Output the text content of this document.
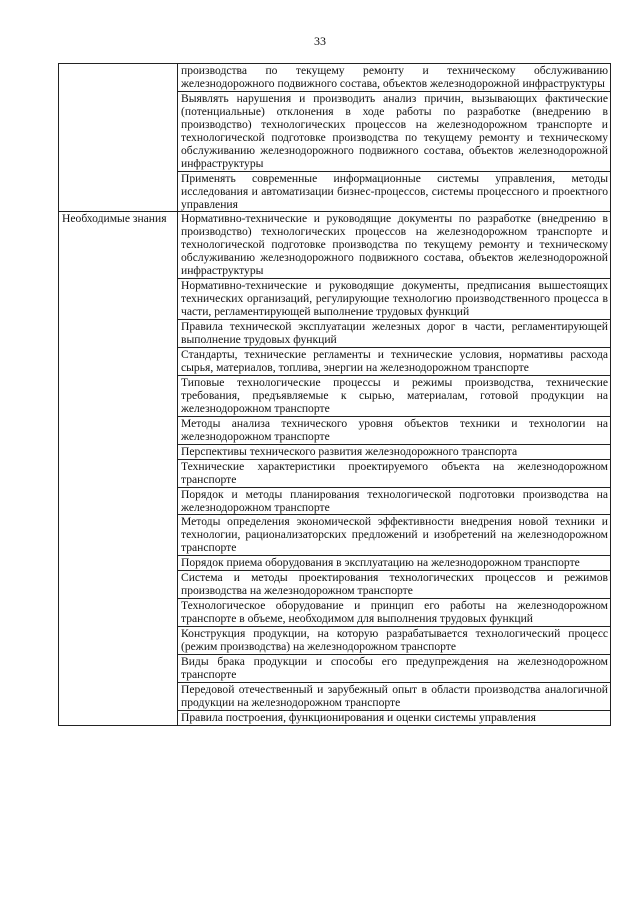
33
	производства по текущему ремонту и техническому обслуживанию железнодорожного подвижного состава, объектов железнодорожной инфраструктуры
	Выявлять нарушения и производить анализ причин, вызывающих фактические (потенциальные) отклонения в ходе работы по разработке (внедрению в производство) технологических процессов на железнодорожном транспорте и технологической подготовке производства по текущему ремонту и техническому обслуживанию железнодорожного подвижного состава, объектов железнодорожной инфраструктуры
	Применять современные информационные системы управления, методы исследования и автоматизации бизнес-процессов, системы процессного и проектного управления
Необходимые знания	Нормативно-технические и руководящие документы по разработке (внедрению в производство) технологических процессов на железнодорожном транспорте и технологической подготовке производства по текущему ремонту и техническому обслуживанию железнодорожного подвижного состава, объектов железнодорожной инфраструктуры
	Нормативно-технические и руководящие документы, предписания вышестоящих технических организаций, регулирующие технологию производственного процесса в части, регламентирующей выполнение трудовых функций
	Правила технической эксплуатации железных дорог в части, регламентирующей выполнение трудовых функций
	Стандарты, технические регламенты и технические условия, нормативы расхода сырья, материалов, топлива, энергии на железнодорожном транспорте
	Типовые технологические процессы и режимы производства, технические требования, предъявляемые к сырью, материалам, готовой продукции на железнодорожном транспорте
	Методы анализа технического уровня объектов техники и технологии на железнодорожном транспорте
	Перспективы технического развития железнодорожного транспорта
	Технические характеристики проектируемого объекта на железнодорожном транспорте
	Порядок и методы планирования технологической подготовки производства на железнодорожном транспорте
	Методы определения экономической эффективности внедрения новой техники и технологии, рационализаторских предложений и изобретений на железнодорожном транспорте
	Порядок приема оборудования в эксплуатацию на железнодорожном транспорте
	Система и методы проектирования технологических процессов и режимов производства на железнодорожном транспорте
	Технологическое оборудование и принцип его работы на железнодорожном транспорте в объеме, необходимом для выполнения трудовых функций
	Конструкция продукции, на которую разрабатывается технологический процесс (режим производства) на железнодорожном транспорте
	Виды брака продукции и способы его предупреждения на железнодорожном транспорте
	Передовой отечественный и зарубежный опыт в области производства аналогичной продукции на железнодорожном транспорте
	Правила построения, функционирования и оценки системы управления
